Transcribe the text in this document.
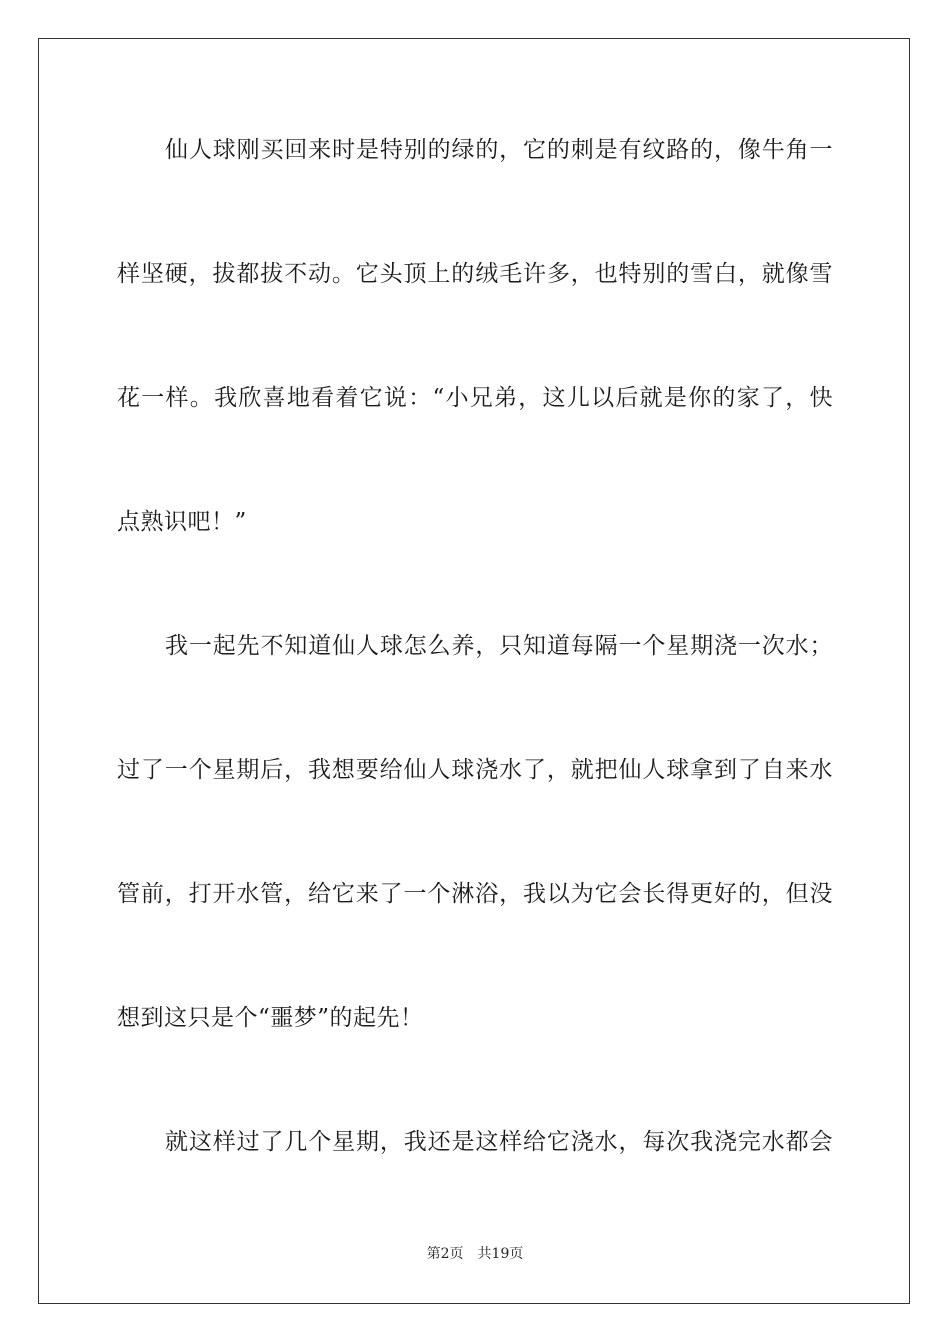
仙人球刚买回来时是特别的绿的，它的刺是有纹路的，像牛角一
样坚硬，拔都拔不动。它头顶上的绒毛许多，也特别的雪白，就像雪
花一样。我欣喜地看着它说：“小兄弟，这儿以后就是你的家了，快
点熟识吧！”
我一起先不知道仙人球怎么养，只知道每隔一个星期浇一次水；
过了一个星期后，我想要给仙人球浇水了，就把仙人球拿到了自来水
管前，打开水管，给它来了一个淋浴，我以为它会长得更好的，但没
想到这只是个“噩梦”的起先！
就这样过了几个星期，我还是这样给它浇水，每次我浇完水都会
第2页 共19页
